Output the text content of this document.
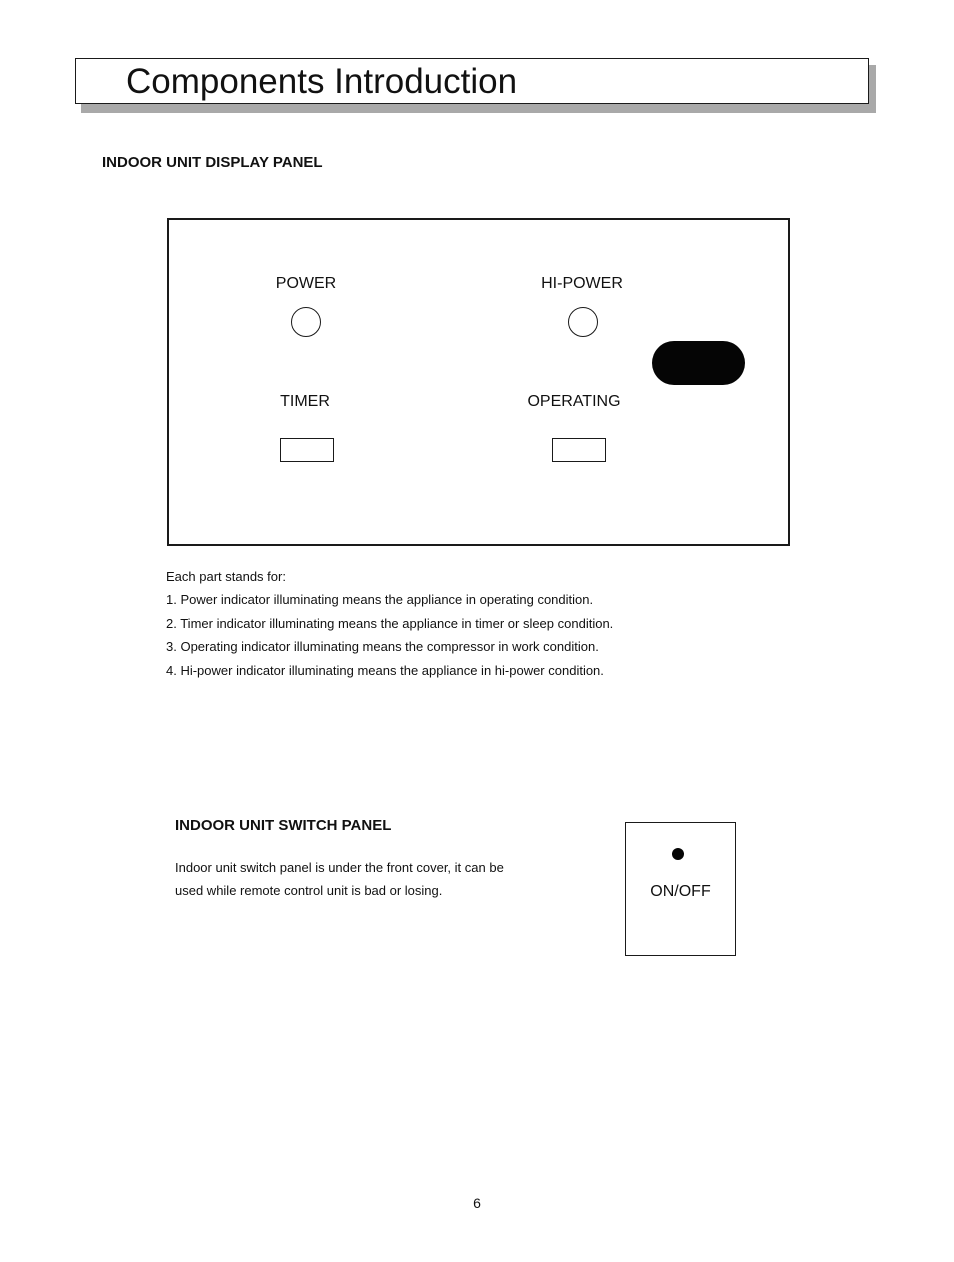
Components Introduction
INDOOR UNIT DISPLAY PANEL
POWER	HI-POWER
TIMER	OPERATING
Each part stands for:
1. Power indicator illuminating means the appliance in operating condition.
2. Timer indicator illuminating means the appliance in timer or sleep condition.
3. Operating indicator illuminating means the compressor in work condition.
4. Hi-power indicator illuminating means the appliance in hi-power condition.
INDOOR UNIT SWITCH PANEL
Indoor unit switch panel is under the front cover, it can be
used while remote control unit is bad or losing.	ON/OFF
6
